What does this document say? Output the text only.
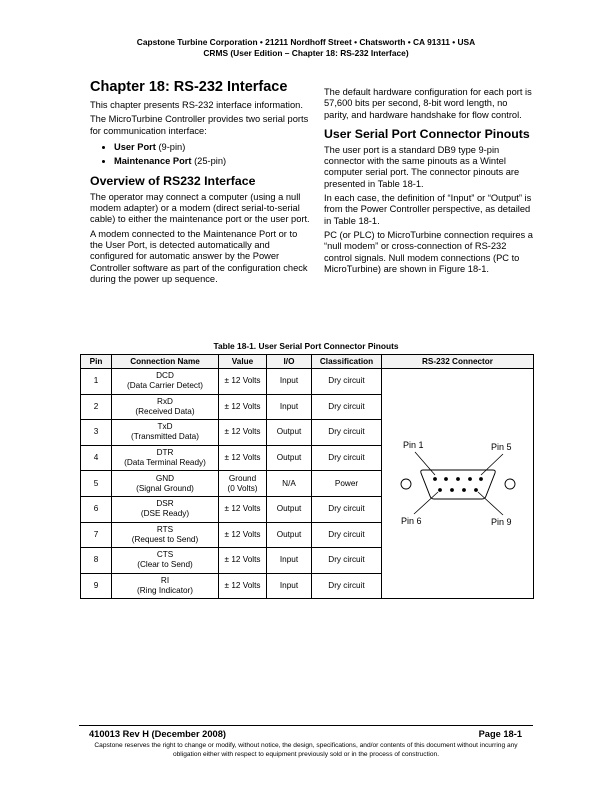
Capstone Turbine Corporation • 21211 Nordhoff Street • Chatsworth • CA 91311 • USA
CRMS (User Edition – Chapter 18: RS-232 Interface)
Chapter 18: RS-232 Interface

This chapter presents RS-232 interface information.

The MicroTurbine Controller provides two serial ports for communication interface:

• User Port (9-pin)
• Maintenance Port (25-pin)
Overview of RS232 Interface

The operator may connect a computer (using a null modem adapter) or a modem (direct serial-to-serial cable) to either the maintenance port or the user port.

A modem connected to the Maintenance Port or to the User Port, is detected automatically and configured for automatic answer by the Power Controller software as part of the configuration check during the power up sequence.

The default hardware configuration for each port is 57,600 bits per second, 8-bit word length, no parity, and hardware handshake for flow control.

User Serial Port Connector Pinouts

The user port is a standard DB9 type 9-pin connector with the same pinouts as a Wintel computer serial port. The connector pinouts are presented in Table 18-1.

In each case, the definition of “Input” or “Output” is from the Power Controller perspective, as detailed in Table 18-1.

PC (or PLC) to MicroTurbine connection requires a “null modem” or cross-connection of RS-232 control signals. Null modem connections (PC to MicroTurbine) are shown in Figure 18-1.

Table 18-1. User Serial Port Connector Pinouts
Pin	Connection Name	Value	I/O	Classification	RS-232 Connector
1	DCD
(Data Carrier Detect)	± 12 Volts	Input	Dry circuit	Pin 1 Pin 5
Pin 6 Pin 9

2	RxD
(Received Data)	± 12 Volts	Input	Dry circuit	
3	TxD
(Transmitted Data)	± 12 Volts	Output	Dry circuit	
4	DTR
(Data Terminal Ready)	± 12 Volts	Output	Dry circuit	
5	GND
(Signal Ground)	Ground
(0 Volts)	N/A	Power	
6	DSR
(DSE Ready)	± 12 Volts	Output	Dry circuit	
7	RTS
(Request to Send)	± 12 Volts	Output	Dry circuit	
8	CTS
(Clear to Send)	± 12 Volts	Input	Dry circuit	
9	RI
(Ring Indicator)	± 12 Volts	Input	Dry circuit	
410013 Rev H (December 2008)	Page 18-1
Capstone reserves the right to change or modify, without notice, the design, specifications, and/or contents of this document without incurring any obligation either with respect to equipment previously sold or in the process of construction.
